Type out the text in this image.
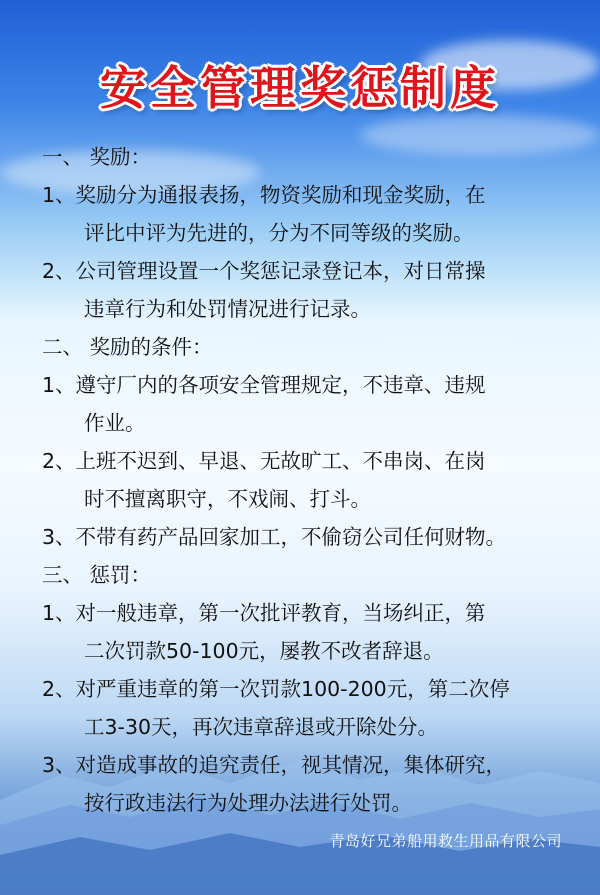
安全管理奖惩制度
一、 奖励：
1、奖励分为通报表扬，物资奖励和现金奖励，在
评比中评为先进的，分为不同等级的奖励。
2、公司管理设置一个奖惩记录登记本，对日常操
违章行为和处罚情况进行记录。
二、 奖励的条件：
1、遵守厂内的各项安全管理规定，不违章、违规
作业。
2、上班不迟到、早退、无故旷工、不串岗、在岗
时不擅离职守，不戏闹、打斗。
3、不带有药产品回家加工，不偷窃公司任何财物。
三、 惩罚：
1、对一般违章，第一次批评教育，当场纠正，第
二次罚款50-100元，屡教不改者辞退。
2、对严重违章的第一次罚款100-200元，第二次停
工3-30天，再次违章辞退或开除处分。
3、对造成事故的追究责任，视其情况，集体研究，
按行政违法行为处理办法进行处罚。
青岛好兄弟船用救生用品有限公司
